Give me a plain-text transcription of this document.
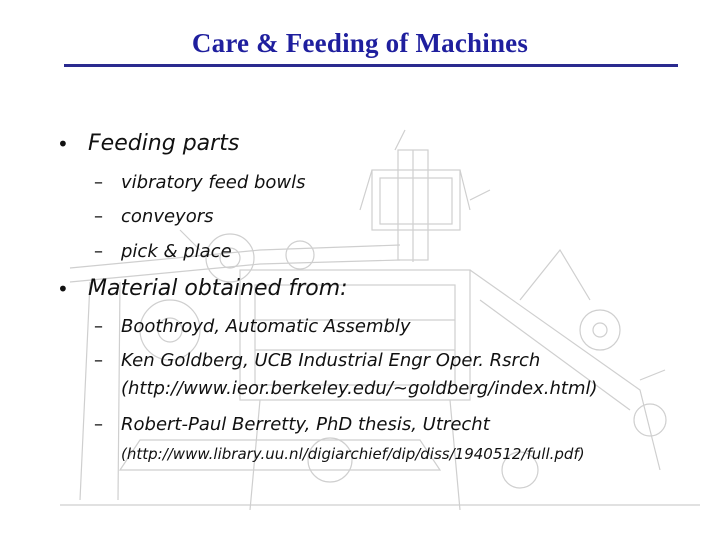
Care & Feeding of Machines
• Feeding parts
– vibratory feed bowls
– conveyors
– pick & place
• Material obtained from:
– Boothroyd, Automatic Assembly
– Ken Goldberg, UCB Industrial Engr Oper. Rsrch
(http://www.ieor.berkeley.edu/~goldberg/index.html)
– Robert-Paul Berretty, PhD thesis, Utrecht
(http://www.library.uu.nl/digiarchief/dip/diss/1940512/full.pdf)
